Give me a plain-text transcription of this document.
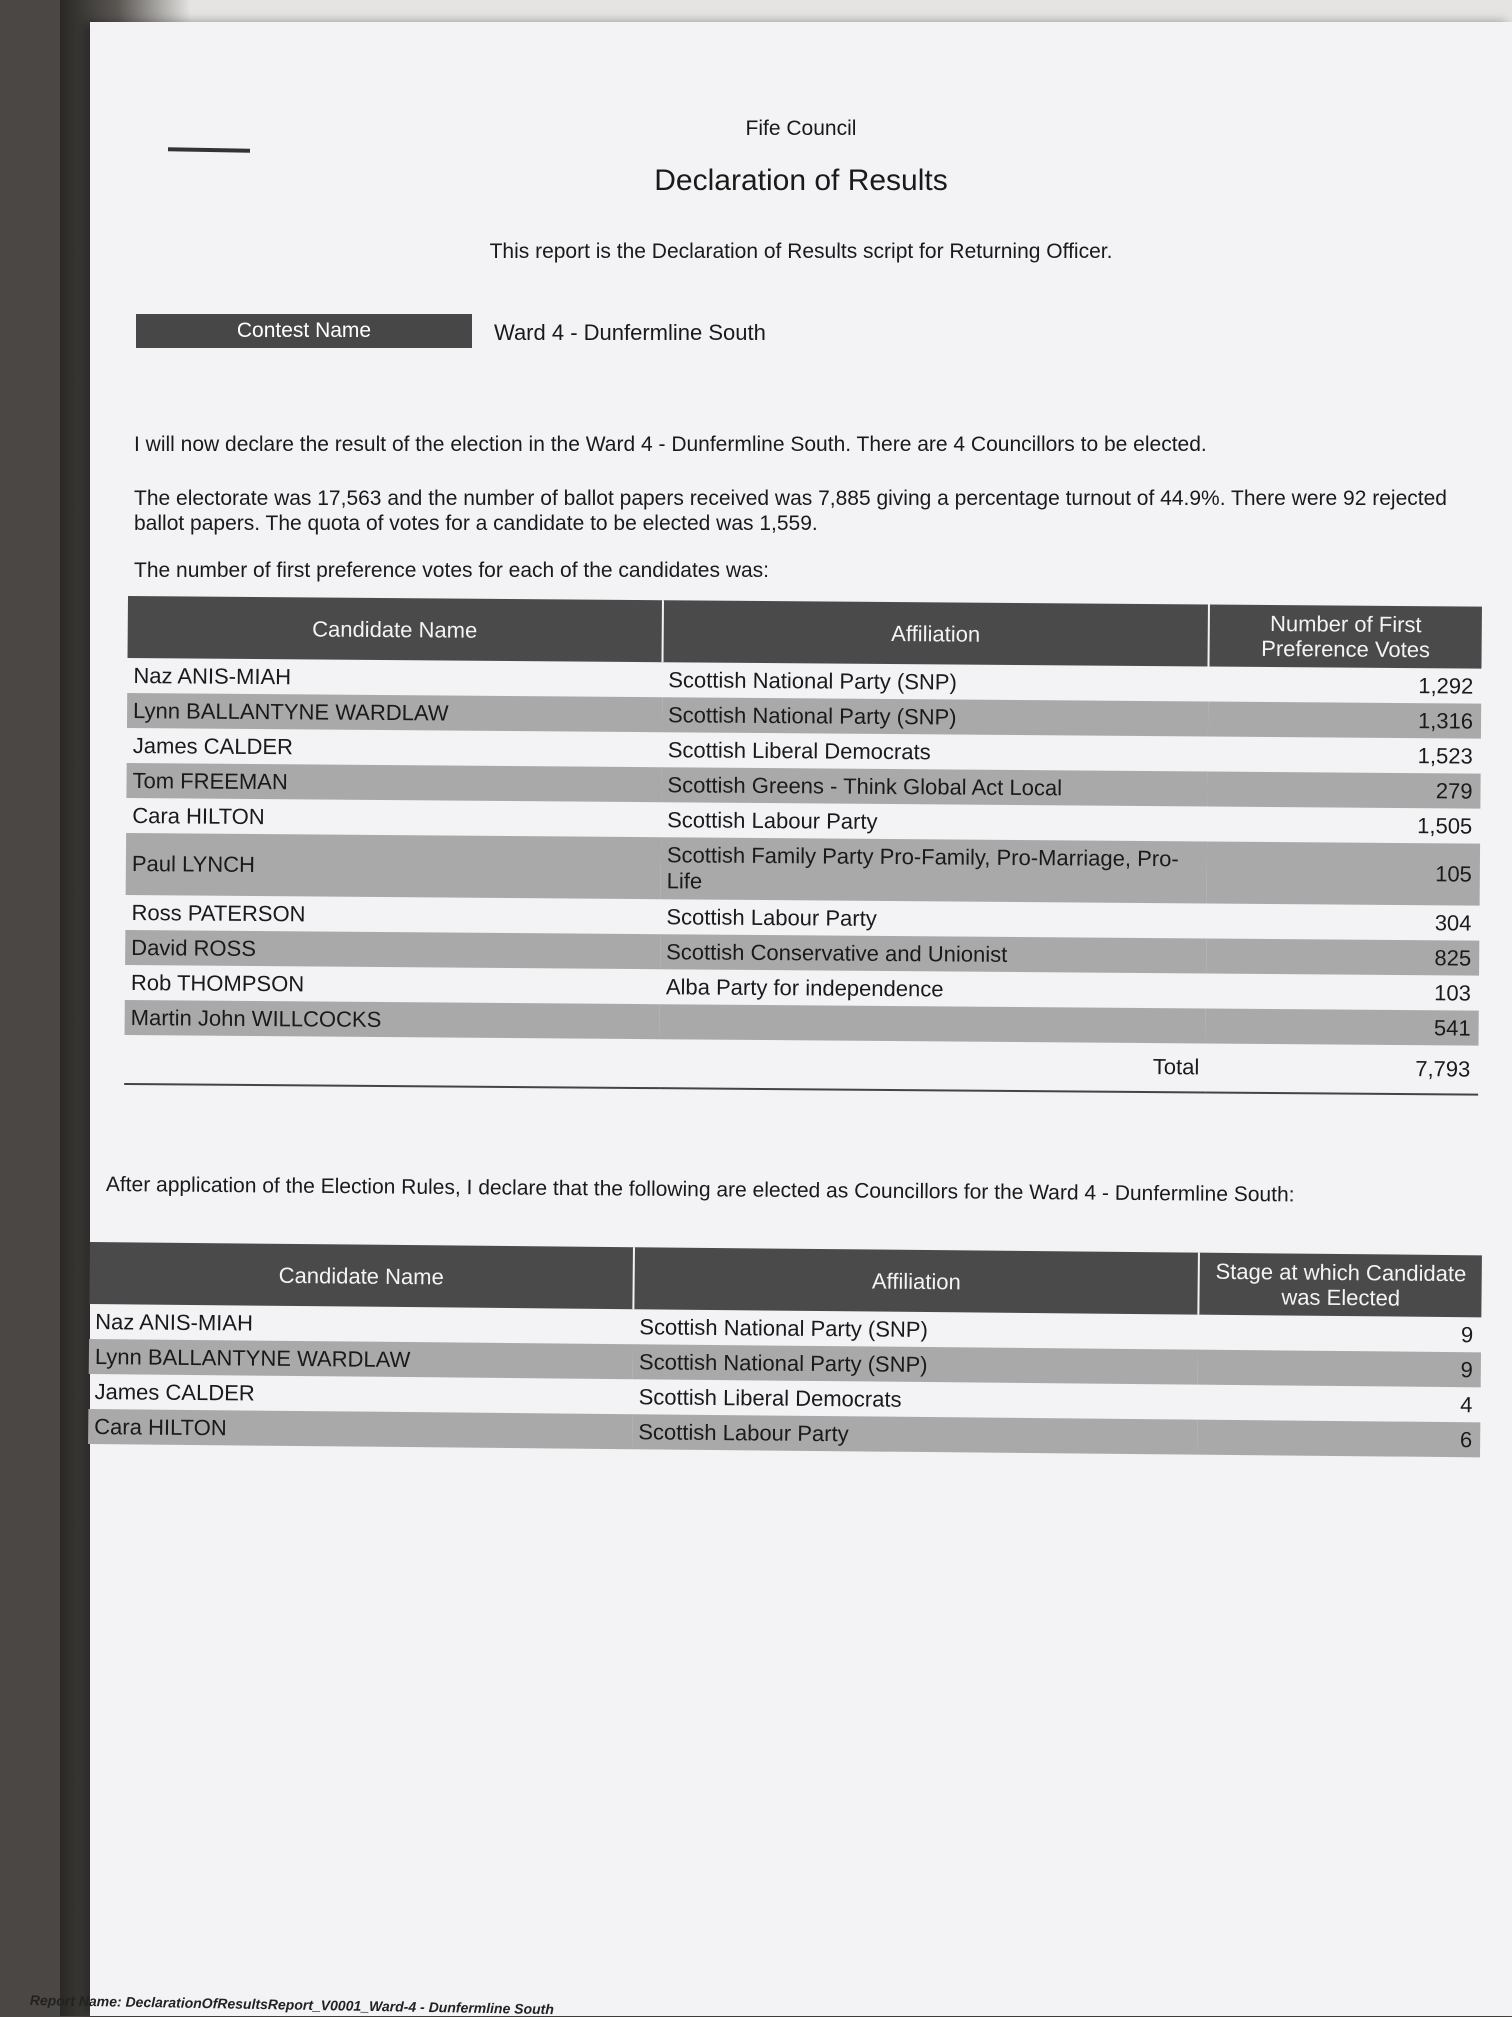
Fife Council
Declaration of Results
This report is the Declaration of Results script for Returning Officer.
Contest Name	Ward 4 - Dunfermline South
I will now declare the result of the election in the Ward 4 - Dunfermline South. There are 4 Councillors to be elected.
The electorate was 17,563 and the number of ballot papers received was 7,885 giving a percentage turnout of 44.9%. There were 92 rejected ballot papers. The quota of votes for a candidate to be elected was 1,559.
The number of first preference votes for each of the candidates was:
Candidate Name	Affiliation	Number of First Preference Votes
Naz ANIS-MIAH	Scottish National Party (SNP)	1,292
Lynn BALLANTYNE WARDLAW	Scottish National Party (SNP)	1,316
James CALDER	Scottish Liberal Democrats	1,523
Tom FREEMAN	Scottish Greens - Think Global Act Local	279
Cara HILTON	Scottish Labour Party	1,505
Paul LYNCH	Scottish Family Party Pro-Family, Pro-Marriage, Pro-Life	105
Ross PATERSON	Scottish Labour Party	304
David ROSS	Scottish Conservative and Unionist	825
Rob THOMPSON	Alba Party for independence	103
Martin John WILLCOCKS		541
	Total	7,793
After application of the Election Rules, I declare that the following are elected as Councillors for the Ward 4 - Dunfermline South:
Candidate Name	Affiliation	Stage at which Candidate was Elected
Naz ANIS-MIAH	Scottish National Party (SNP)	9
Lynn BALLANTYNE WARDLAW	Scottish National Party (SNP)	9
James CALDER	Scottish Liberal Democrats	4
Cara HILTON	Scottish Labour Party	6
Report Name: DeclarationOfResultsReport_V0001_Ward-4 - Dunfermline South
